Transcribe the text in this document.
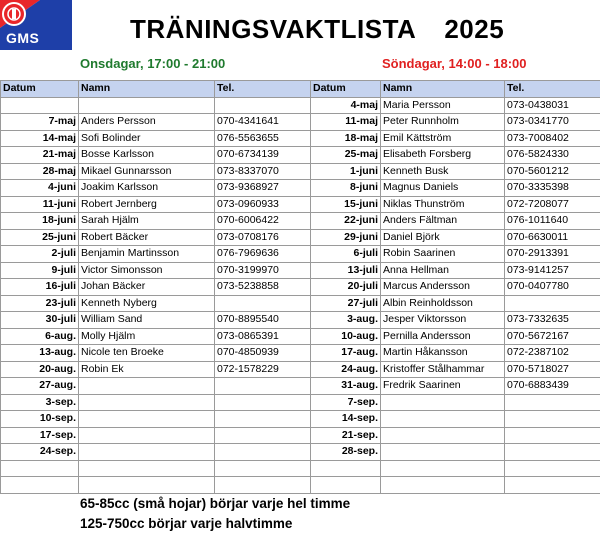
GMS	TRÄNINGSVAKTLISTA 2025
Onsdagar, 17:00 - 21:00	Söndagar, 14:00 - 18:00
Datum	Namn	Tel.	Datum	Namn	Tel.
			4-maj	Maria Persson	073-0438031
7-maj	Anders Persson	070-4341641	11-maj	Peter Runnholm	073-0341770
14-maj	Sofi Bolinder	076-5563655	18-maj	Emil Kättström	073-7008402
21-maj	Bosse Karlsson	070-6734139	25-maj	Elisabeth Forsberg	076-5824330
28-maj	Mikael Gunnarsson	073-8337070	1-juni	Kenneth Busk	070-5601212
4-juni	Joakim Karlsson	073-9368927	8-juni	Magnus Daniels	070-3335398
11-juni	Robert Jernberg	073-0960933	15-juni	Niklas Thunström	072-7208077
18-juni	Sarah Hjälm	070-6006422	22-juni	Anders Fältman	076-1011640
25-juni	Robert Bäcker	073-0708176	29-juni	Daniel Björk	070-6630011
2-juli	Benjamin Martinsson	076-7969636	6-juli	Robin Saarinen	070-2913391
9-juli	Victor Simonsson	070-3199970	13-juli	Anna Hellman	073-9141257
16-juli	Johan Bäcker	073-5238858	20-juli	Marcus Andersson	070-0407780
23-juli	Kenneth Nyberg		27-juli	Albin Reinholdsson	
30-juli	William Sand	070-8895540	3-aug.	Jesper Viktorsson	073-7332635
6-aug.	Molly Hjälm	073-0865391	10-aug.	Pernilla Andersson	070-5672167
13-aug.	Nicole ten Broeke	070-4850939	17-aug.	Martin Håkansson	072-2387102
20-aug.	Robin Ek	072-1578229	24-aug.	Kristoffer Stålhammar	070-5718027
27-aug.			31-aug.	Fredrik Saarinen	070-6883439
3-sep.			7-sep.		
10-sep.			14-sep.		
17-sep.			21-sep.		
24-sep.			28-sep.		

65-85cc (små hojar) börjar varje hel timme
125-750cc börjar varje halvtimme
